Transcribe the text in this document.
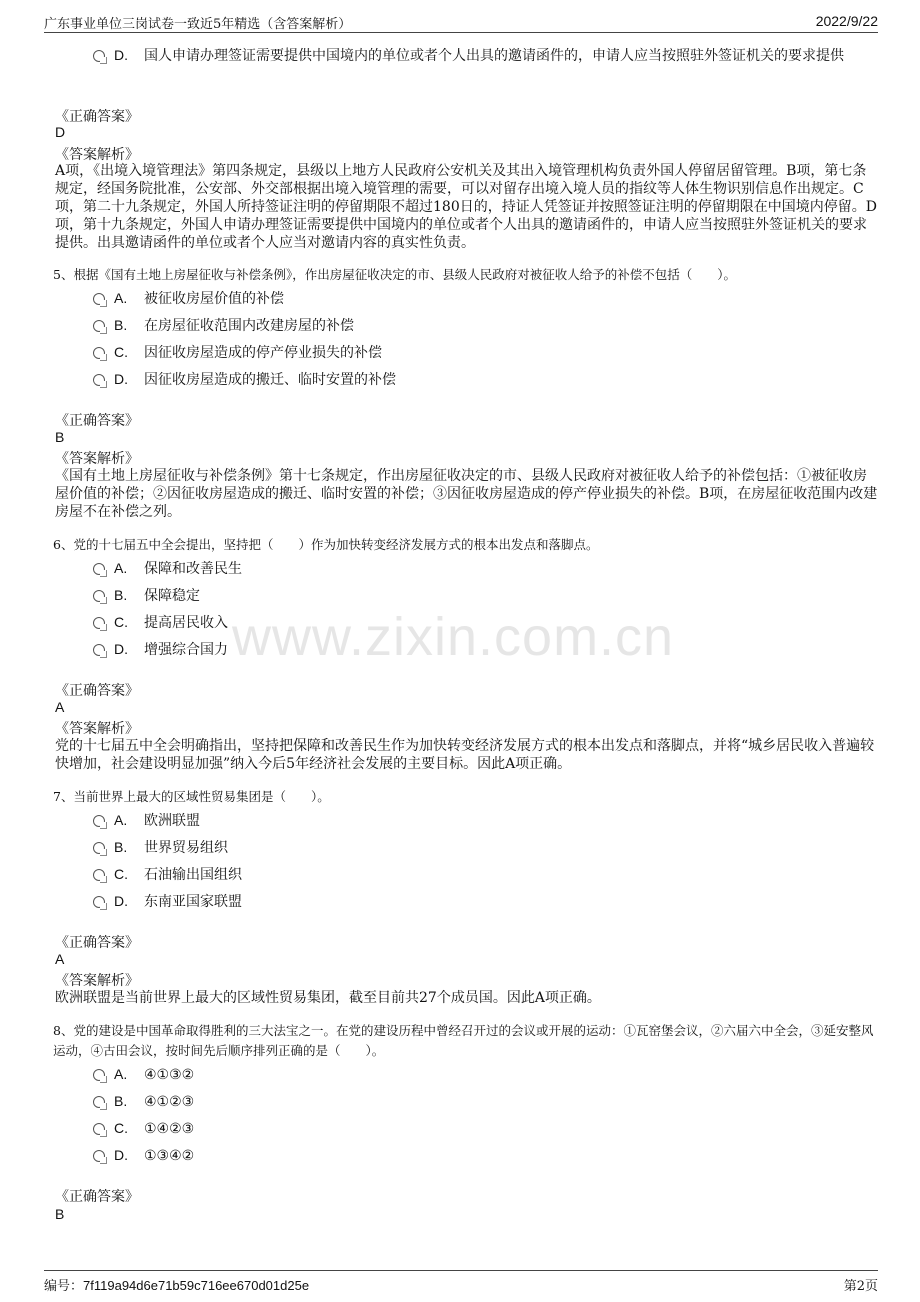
广东事业单位三岗试卷一致近5年精选（含答案解析）	2022/9/22
www.zixin.com.cn
D. 国人申请办理签证需要提供中国境内的单位或者个人出具的邀请函件的，申请人应当按照驻外签证机关的要求提供
《正确答案》
D
《答案解析》
A项，《出境入境管理法》第四条规定，县级以上地方人民政府公安机关及其出入境管理机构负责外国人停留居留管理。B项，第七条规定，经国务院批准，公安部、外交部根据出境入境管理的需要，可以对留存出境入境人员的指纹等人体生物识别信息作出规定。C项，第二十九条规定，外国人所持签证注明的停留期限不超过180日的，持证人凭签证并按照签证注明的停留期限在中国境内停留。D项，第十九条规定，外国人申请办理签证需要提供中国境内的单位或者个人出具的邀请函件的，申请人应当按照驻外签证机关的要求提供。出具邀请函件的单位或者个人应当对邀请内容的真实性负责。
5、根据《国有土地上房屋征收与补偿条例》，作出房屋征收决定的市、县级人民政府对被征收人给予的补偿不包括（　　）。
A. 被征收房屋价值的补偿
B. 在房屋征收范围内改建房屋的补偿
C. 因征收房屋造成的停产停业损失的补偿
D. 因征收房屋造成的搬迁、临时安置的补偿
《正确答案》
B
《答案解析》
《国有土地上房屋征收与补偿条例》第十七条规定，作出房屋征收决定的市、县级人民政府对被征收人给予的补偿包括：①被征收房屋价值的补偿；②因征收房屋造成的搬迁、临时安置的补偿；③因征收房屋造成的停产停业损失的补偿。B项，在房屋征收范围内改建房屋不在补偿之列。
6、党的十七届五中全会提出，坚持把（　　）作为加快转变经济发展方式的根本出发点和落脚点。
A. 保障和改善民生
B. 保障稳定
C. 提高居民收入
D. 增强综合国力
《正确答案》
A
《答案解析》
党的十七届五中全会明确指出，坚持把保障和改善民生作为加快转变经济发展方式的根本出发点和落脚点，并将“城乡居民收入普遍较快增加，社会建设明显加强”纳入今后5年经济社会发展的主要目标。因此A项正确。
7、当前世界上最大的区域性贸易集团是（　　）。
A. 欧洲联盟
B. 世界贸易组织
C. 石油输出国组织
D. 东南亚国家联盟
《正确答案》
A
《答案解析》
欧洲联盟是当前世界上最大的区域性贸易集团，截至目前共27个成员国。因此A项正确。
8、党的建设是中国革命取得胜利的三大法宝之一。在党的建设历程中曾经召开过的会议或开展的运动：①瓦窑堡会议，②六届六中全会，③延安整风运动，④古田会议，按时间先后顺序排列正确的是（　　）。
A. ④①③②
B. ④①②③
C. ①④②③
D. ①③④②
《正确答案》
B
编号：7f119a94d6e71b59c716ee670d01d25e	第2页
